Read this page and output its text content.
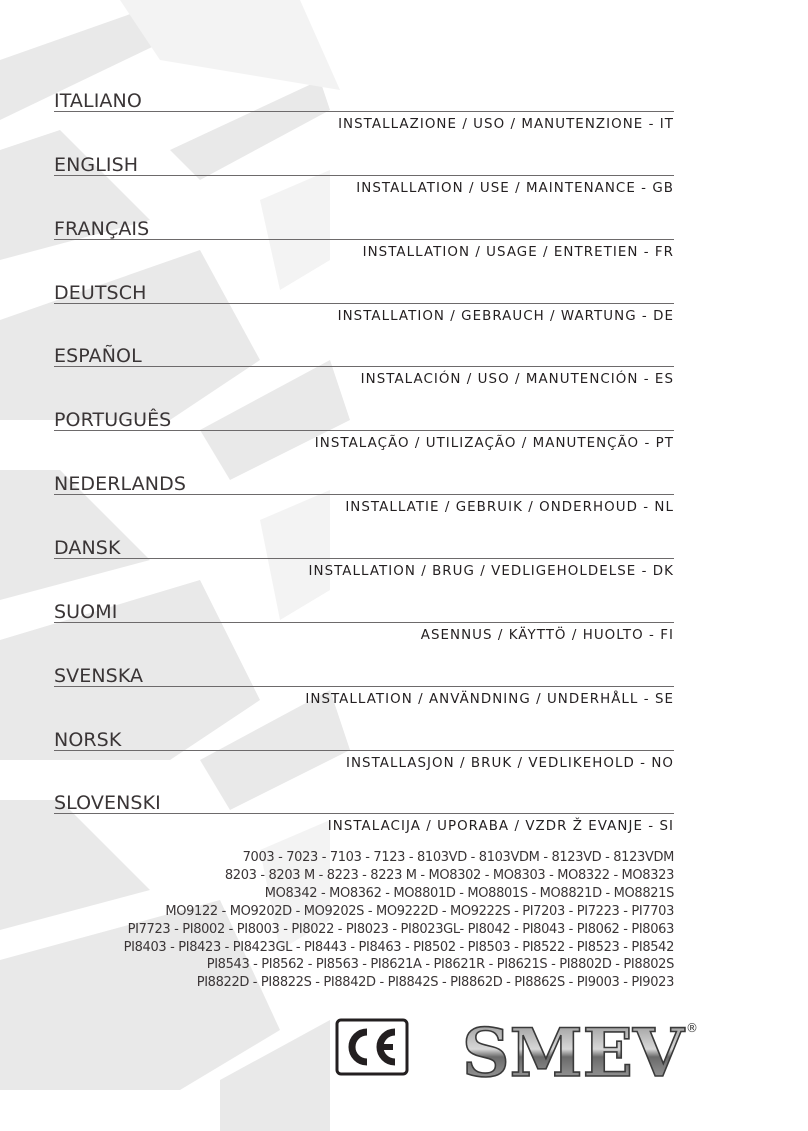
ITALIANO
INSTALLAZIONE / USO / MANUTENZIONE - IT
ENGLISH
INSTALLATION / USE / MAINTENANCE - GB
FRANÇAIS
INSTALLATION / USAGE / ENTRETIEN - FR
DEUTSCH
INSTALLATION / GEBRAUCH / WARTUNG - DE
ESPAÑOL
INSTALACIÓN / USO / MANUTENCIÓN - ES
PORTUGUÊS
INSTALAÇÃO / UTILIZAÇÃO / MANUTENÇÃO - PT
NEDERLANDS
INSTALLATIE / GEBRUIK / ONDERHOUD - NL
DANSK
INSTALLATION / BRUG / VEDLIGEHOLDELSE - DK
SUOMI
ASENNUS / KÄYTTÖ / HUOLTO - FI
SVENSKA
INSTALLATION / ANVÄNDNING / UNDERHÅLL - SE
NORSK
INSTALLASJON / BRUK / VEDLIKEHOLD - NO
SLOVENSKI
INSTALACIJA / UPORABA / VZDR Ž EVANJE - SI
7003 - 7023 - 7103 - 7123 - 8103VD - 8103VDM - 8123VD - 8123VDM
8203 - 8203 M - 8223 - 8223 M - MO8302 - MO8303 - MO8322 - MO8323
MO8342 - MO8362 - MO8801D - MO8801S - MO8821D - MO8821S
MO9122 - MO9202D - MO9202S - MO9222D - MO9222S - PI7203 - PI7223 - PI7703
PI7723 - PI8002 - PI8003 - PI8022 - PI8023 - PI8023GL- PI8042 - PI8043 - PI8062 - PI8063
PI8403 - PI8423 - PI8423GL - PI8443 - PI8463 - PI8502 - PI8503 - PI8522 - PI8523 - PI8542
PI8543 - PI8562 - PI8563 - PI8621A - PI8621R - PI8621S - PI8802D - PI8802S
PI8822D - PI8822S - PI8842D - PI8842S - PI8862D - PI8862S - PI9003 - PI9023
SMEV ®
